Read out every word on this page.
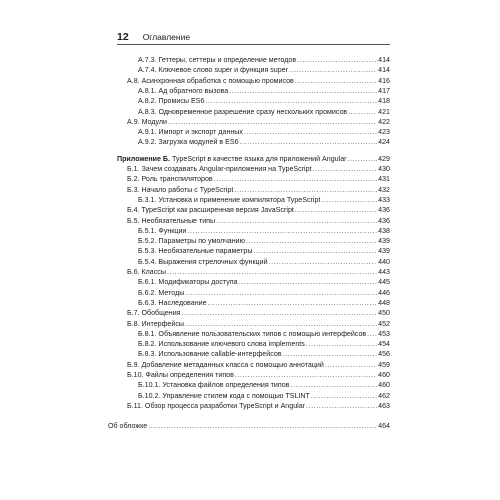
12 Оглавление
А.7.3. Геттеры, сеттеры и определение методов .....	414
А.7.4. Ключевое слово super и функция super .....	414
А.8. Асинхронная обработка с помощью промисов .....	416
А.8.1. Ад обратного вызова .....	417
А.8.2. Промисы ES6 .....	418
А.8.3. Одновременное разрешение сразу нескольких промисов .....	421
А.9. Модули .....	422
А.9.1. Импорт и экспорт данных .....	423
А.9.2. Загрузка модулей в ES6 .....	424
Приложение Б. TypeScript в качестве языка для приложений Angular .....	429
Б.1. Зачем создавать Angular-приложения на TypeScript .....	430
Б.2. Роль транспиляторов .....	431
Б.3. Начало работы с TypeScript .....	432
Б.3.1. Установка и применение компилятора TypeScript .....	433
Б.4. TypeScript как расширенная версия JavaScript .....	436
Б.5. Необязательные типы .....	436
Б.5.1. Функции .....	438
Б.5.2. Параметры по умолчанию .....	439
Б.5.3. Необязательные параметры .....	439
Б.5.4. Выражения стрелочных функций .....	440
Б.6. Классы .....	443
Б.6.1. Модификаторы доступа .....	445
Б.6.2. Методы .....	446
Б.6.3. Наследование .....	448
Б.7. Обобщения .....	450
Б.8. Интерфейсы .....	452
Б.8.1. Объявление пользовательских типов с помощью интерфейсов ..... 453
Б.8.2. Использование ключевого слова implements .....	454
Б.8.3. Использование callable-интерфейсов .....	456
Б.9. Добавление метаданных класса с помощью аннотаций .....	459
Б.10. Файлы определения типов .....	460
Б.10.1. Установка файлов определения типов .....	460
Б.10.2. Управление стилем кода с помощью TSLINT .....	462
Б.11. Обзор процесса разработки TypeScript и Angular .....	463
Об обложке .....	464
